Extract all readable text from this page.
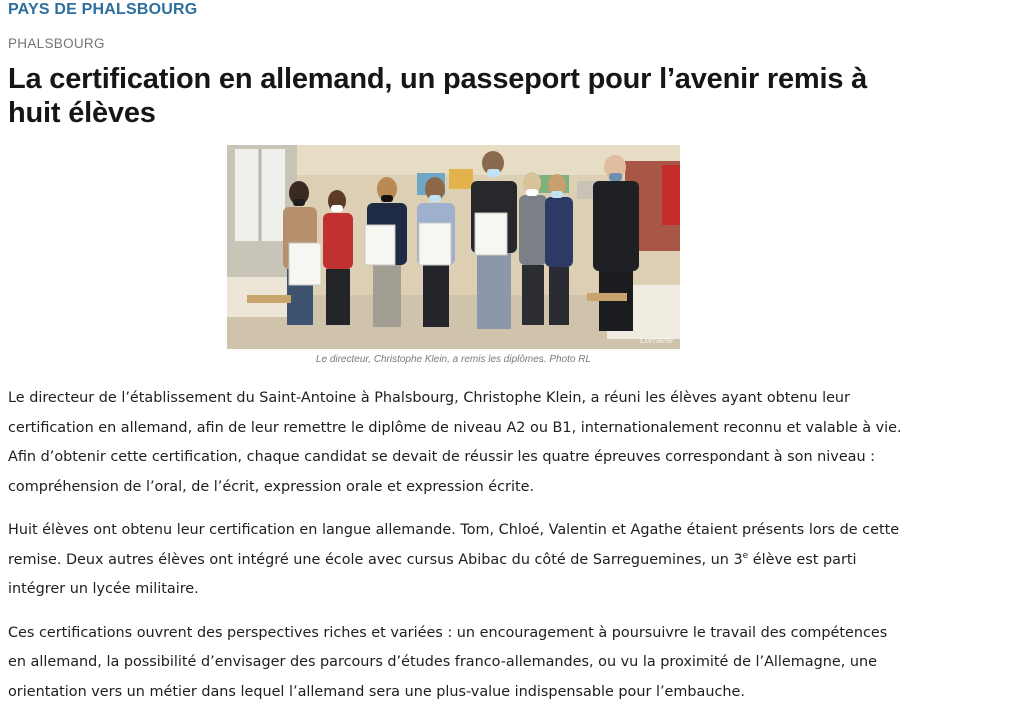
PAYS DE PHALSBOURG
PHALSBOURG
La certification en allemand, un passeport pour l’avenir remis à huit élèves
Lorraine
Le directeur, Christophe Klein, a remis les diplômes. Photo RL

Le directeur de l’établissement du Saint-Antoine à Phalsbourg, Christophe Klein, a réuni les élèves ayant obtenu leur certification en allemand, afin de leur remettre le diplôme de niveau A2 ou B1, internationalement reconnu et valable à vie. Afin d’obtenir cette certification, chaque candidat se devait de réussir les quatre épreuves correspondant à son niveau : compréhension de l’oral, de l’écrit, expression orale et expression écrite.

Huit élèves ont obtenu leur certification en langue allemande. Tom, Chloé, Valentin et Agathe étaient présents lors de cette remise. Deux autres élèves ont intégré une école avec cursus Abibac du côté de Sarreguemines, un 3e élève est parti intégrer un lycée militaire.

Ces certifications ouvrent des perspectives riches et variées : un encouragement à poursuivre le travail des compétences en allemand, la possibilité d’envisager des parcours d’études franco-allemandes, ou vu la proximité de l’Allemagne, une orientation vers un métier dans lequel l’allemand sera une plus-value indispensable pour l’embauche.
